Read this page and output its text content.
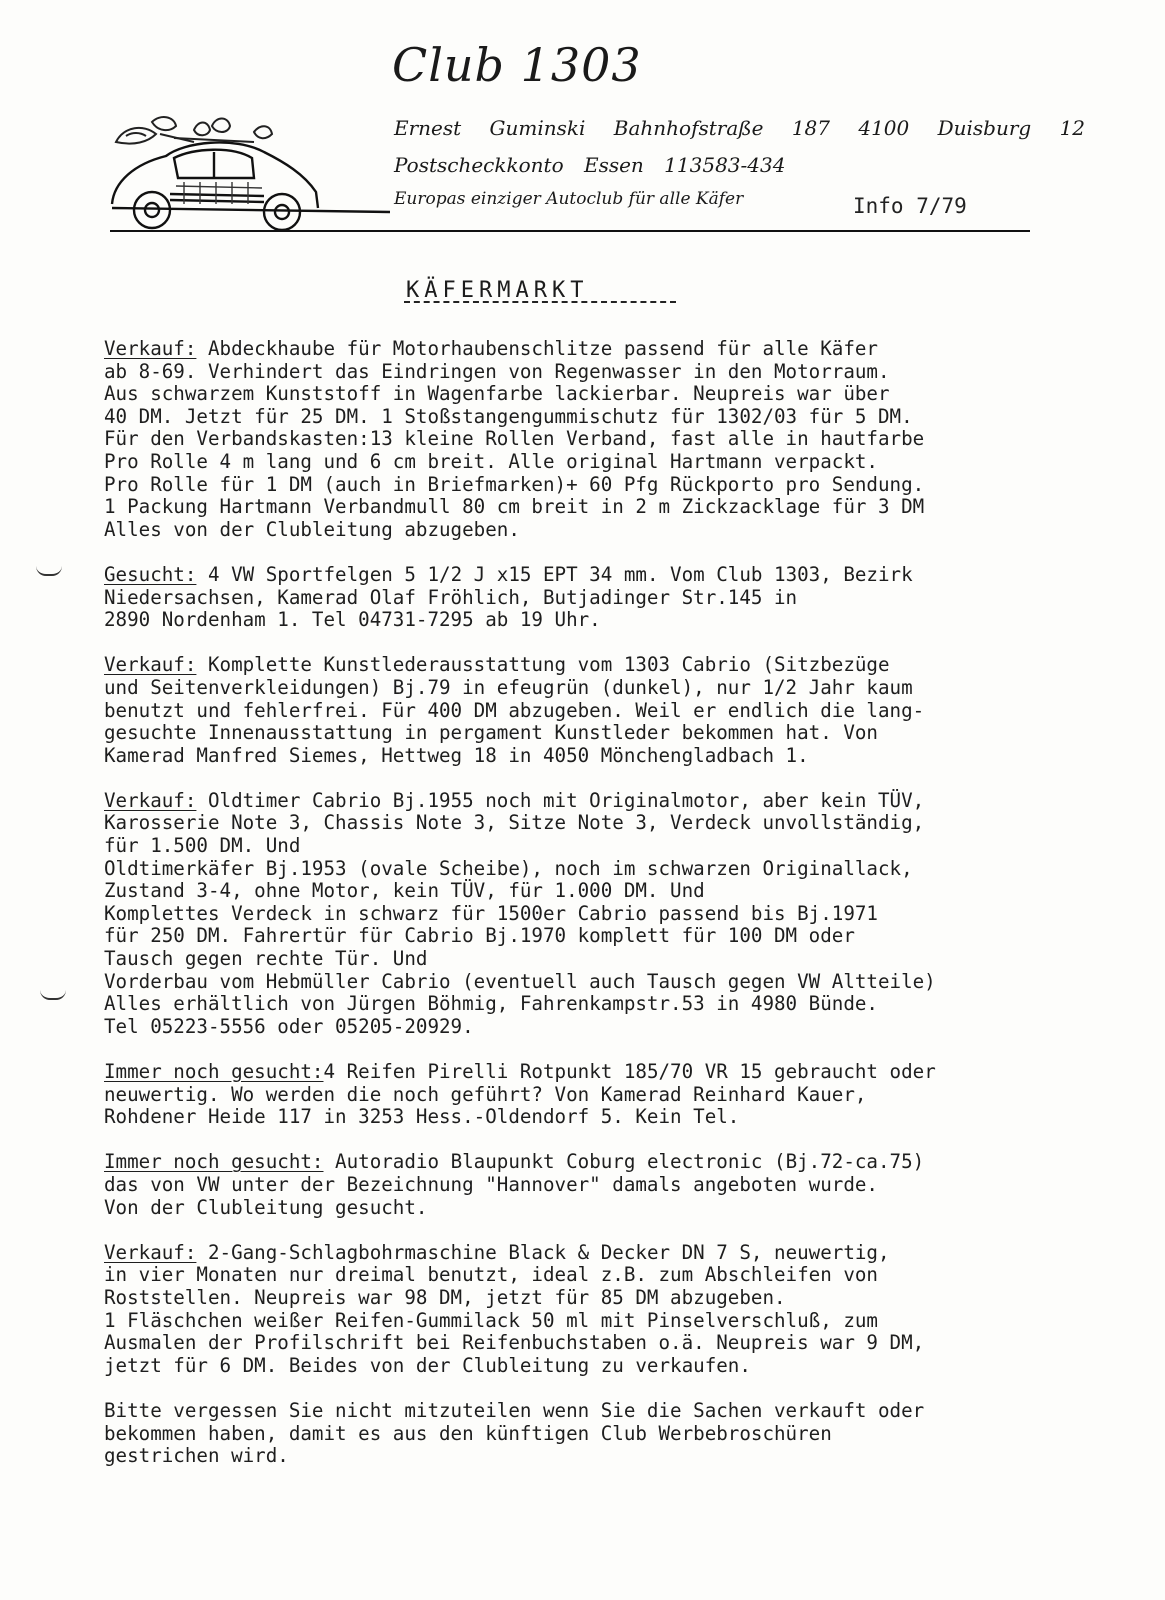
Club 1303
Ernest Guminski Bahnhofstraße 187 4100 Duisburg 12
Postscheckkonto Essen 113583-434
Europas einziger Autoclub für alle Käfer	Info 7/79
KÄFERMARKT
Verkauf: Abdeckhaube für Motorhaubenschlitze passend für alle Käfer
ab 8-69. Verhindert das Eindringen von Regenwasser in den Motorraum.
Aus schwarzem Kunststoff in Wagenfarbe lackierbar. Neupreis war über
40 DM. Jetzt für 25 DM. 1 Stoßstangengummischutz für 1302/03 für 5 DM.
Für den Verbandskasten:13 kleine Rollen Verband, fast alle in hautfarbe
Pro Rolle 4 m lang und 6 cm breit. Alle original Hartmann verpackt.
Pro Rolle für 1 DM (auch in Briefmarken)+ 60 Pfg Rückporto pro Sendung.
1 Packung Hartmann Verbandmull 80 cm breit in 2 m Zickzacklage für 3 DM
Alles von der Clubleitung abzugeben.
Gesucht: 4 VW Sportfelgen 5 1/2 J x15 EPT 34 mm. Vom Club 1303, Bezirk
Niedersachsen, Kamerad Olaf Fröhlich, Butjadinger Str.145 in
2890 Nordenham 1. Tel 04731-7295 ab 19 Uhr.
Verkauf: Komplette Kunstlederausstattung vom 1303 Cabrio (Sitzbezüge
und Seitenverkleidungen) Bj.79 in efeugrün (dunkel), nur 1/2 Jahr kaum
benutzt und fehlerfrei. Für 400 DM abzugeben. Weil er endlich die lang-
gesuchte Innenausstattung in pergament Kunstleder bekommen hat. Von
Kamerad Manfred Siemes, Hettweg 18 in 4050 Mönchengladbach 1.
Verkauf: Oldtimer Cabrio Bj.1955 noch mit Originalmotor, aber kein TÜV,
Karosserie Note 3, Chassis Note 3, Sitze Note 3, Verdeck unvollständig,
für 1.500 DM. Und
Oldtimerkäfer Bj.1953 (ovale Scheibe), noch im schwarzen Originallack,
Zustand 3-4, ohne Motor, kein TÜV, für 1.000 DM. Und
Komplettes Verdeck in schwarz für 1500er Cabrio passend bis Bj.1971
für 250 DM. Fahrertür für Cabrio Bj.1970 komplett für 100 DM oder
Tausch gegen rechte Tür. Und
Vorderbau vom Hebmüller Cabrio (eventuell auch Tausch gegen VW Altteile)
Alles erhältlich von Jürgen Böhmig, Fahrenkampstr.53 in 4980 Bünde.
Tel 05223-5556 oder 05205-20929.
Immer noch gesucht:4 Reifen Pirelli Rotpunkt 185/70 VR 15 gebraucht oder
neuwertig. Wo werden die noch geführt? Von Kamerad Reinhard Kauer,
Rohdener Heide 117 in 3253 Hess.-Oldendorf 5. Kein Tel.
Immer noch gesucht: Autoradio Blaupunkt Coburg electronic (Bj.72-ca.75)
das von VW unter der Bezeichnung "Hannover" damals angeboten wurde.
Von der Clubleitung gesucht.
Verkauf: 2-Gang-Schlagbohrmaschine Black & Decker DN 7 S, neuwertig,
in vier Monaten nur dreimal benutzt, ideal z.B. zum Abschleifen von
Roststellen. Neupreis war 98 DM, jetzt für 85 DM abzugeben.
1 Fläschchen weißer Reifen-Gummilack 50 ml mit Pinselverschluß, zum
Ausmalen der Profilschrift bei Reifenbuchstaben o.ä. Neupreis war 9 DM,
jetzt für 6 DM. Beides von der Clubleitung zu verkaufen.
Bitte vergessen Sie nicht mitzuteilen wenn Sie die Sachen verkauft oder
bekommen haben, damit es aus den künftigen Club Werbebroschüren
gestrichen wird.
